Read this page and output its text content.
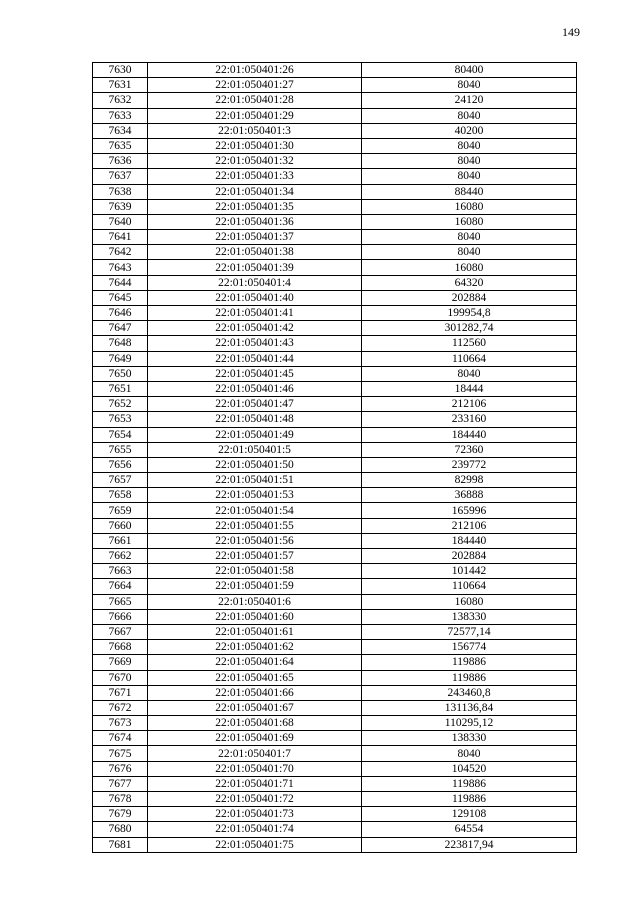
149
7630	22:01:050401:26	80400
7631	22:01:050401:27	8040
7632	22:01:050401:28	24120
7633	22:01:050401:29	8040
7634	22:01:050401:3	40200
7635	22:01:050401:30	8040
7636	22:01:050401:32	8040
7637	22:01:050401:33	8040
7638	22:01:050401:34	88440
7639	22:01:050401:35	16080
7640	22:01:050401:36	16080
7641	22:01:050401:37	8040
7642	22:01:050401:38	8040
7643	22:01:050401:39	16080
7644	22:01:050401:4	64320
7645	22:01:050401:40	202884
7646	22:01:050401:41	199954,8
7647	22:01:050401:42	301282,74
7648	22:01:050401:43	112560
7649	22:01:050401:44	110664
7650	22:01:050401:45	8040
7651	22:01:050401:46	18444
7652	22:01:050401:47	212106
7653	22:01:050401:48	233160
7654	22:01:050401:49	184440
7655	22:01:050401:5	72360
7656	22:01:050401:50	239772
7657	22:01:050401:51	82998
7658	22:01:050401:53	36888
7659	22:01:050401:54	165996
7660	22:01:050401:55	212106
7661	22:01:050401:56	184440
7662	22:01:050401:57	202884
7663	22:01:050401:58	101442
7664	22:01:050401:59	110664
7665	22:01:050401:6	16080
7666	22:01:050401:60	138330
7667	22:01:050401:61	72577,14
7668	22:01:050401:62	156774
7669	22:01:050401:64	119886
7670	22:01:050401:65	119886
7671	22:01:050401:66	243460,8
7672	22:01:050401:67	131136,84
7673	22:01:050401:68	110295,12
7674	22:01:050401:69	138330
7675	22:01:050401:7	8040
7676	22:01:050401:70	104520
7677	22:01:050401:71	119886
7678	22:01:050401:72	119886
7679	22:01:050401:73	129108
7680	22:01:050401:74	64554
7681	22:01:050401:75	223817,94
